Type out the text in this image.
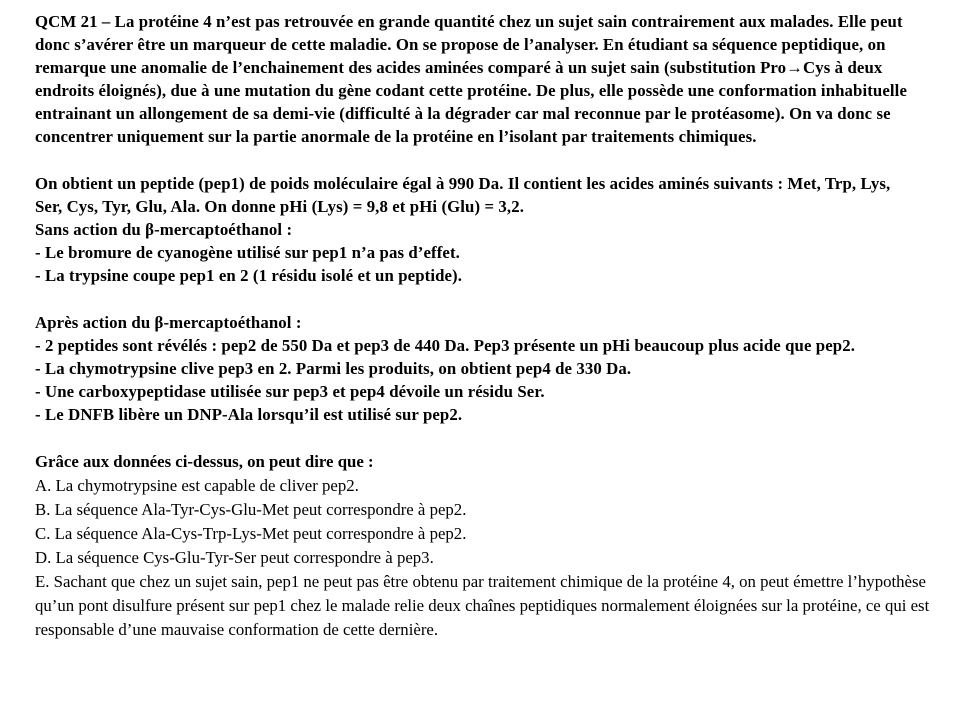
QCM 21 – La protéine 4 n’est pas retrouvée en grande quantité chez un sujet sain contrairement aux malades. Elle peut donc s’avérer être un marqueur de cette maladie. On se propose de l’analyser. En étudiant sa séquence peptidique, on remarque une anomalie de l’enchainement des acides aminées comparé à un sujet sain (substitution Pro→Cys à deux endroits éloignés), due à une mutation du gène codant cette protéine. De plus, elle possède une conformation inhabituelle entrainant un allongement de sa demi-vie (difficulté à la dégrader car mal reconnue par le protéasome). On va donc se concentrer uniquement sur la partie anormale de la protéine en l’isolant par traitements chimiques.

On obtient un peptide (pep1) de poids moléculaire égal à 990 Da. Il contient les acides aminés suivants : Met, Trp, Lys, Ser, Cys, Tyr, Glu, Ala. On donne pHi (Lys) = 9,8 et pHi (Glu) = 3,2.
Sans action du β-mercaptoéthanol :
- Le bromure de cyanogène utilisé sur pep1 n’a pas d’effet.
- La trypsine coupe pep1 en 2 (1 résidu isolé et un peptide).
Après action du β-mercaptoéthanol :
- 2 peptides sont révélés : pep2 de 550 Da et pep3 de 440 Da. Pep3 présente un pHi beaucoup plus acide que pep2.
- La chymotrypsine clive pep3 en 2. Parmi les produits, on obtient pep4 de 330 Da.
- Une carboxypeptidase utilisée sur pep3 et pep4 dévoile un résidu Ser.
- Le DNFB libère un DNP-Ala lorsqu’il est utilisé sur pep2.
Grâce aux données ci-dessus, on peut dire que :
A. La chymotrypsine est capable de cliver pep2.
B. La séquence Ala-Tyr-Cys-Glu-Met peut correspondre à pep2.
C. La séquence Ala-Cys-Trp-Lys-Met peut correspondre à pep2.
D. La séquence Cys-Glu-Tyr-Ser peut correspondre à pep3.
E. Sachant que chez un sujet sain, pep1 ne peut pas être obtenu par traitement chimique de la protéine 4, on peut émettre l’hypothèse qu’un pont disulfure présent sur pep1 chez le malade relie deux chaînes peptidiques normalement éloignées sur la protéine, ce qui est responsable d’une mauvaise conformation de cette dernière.
